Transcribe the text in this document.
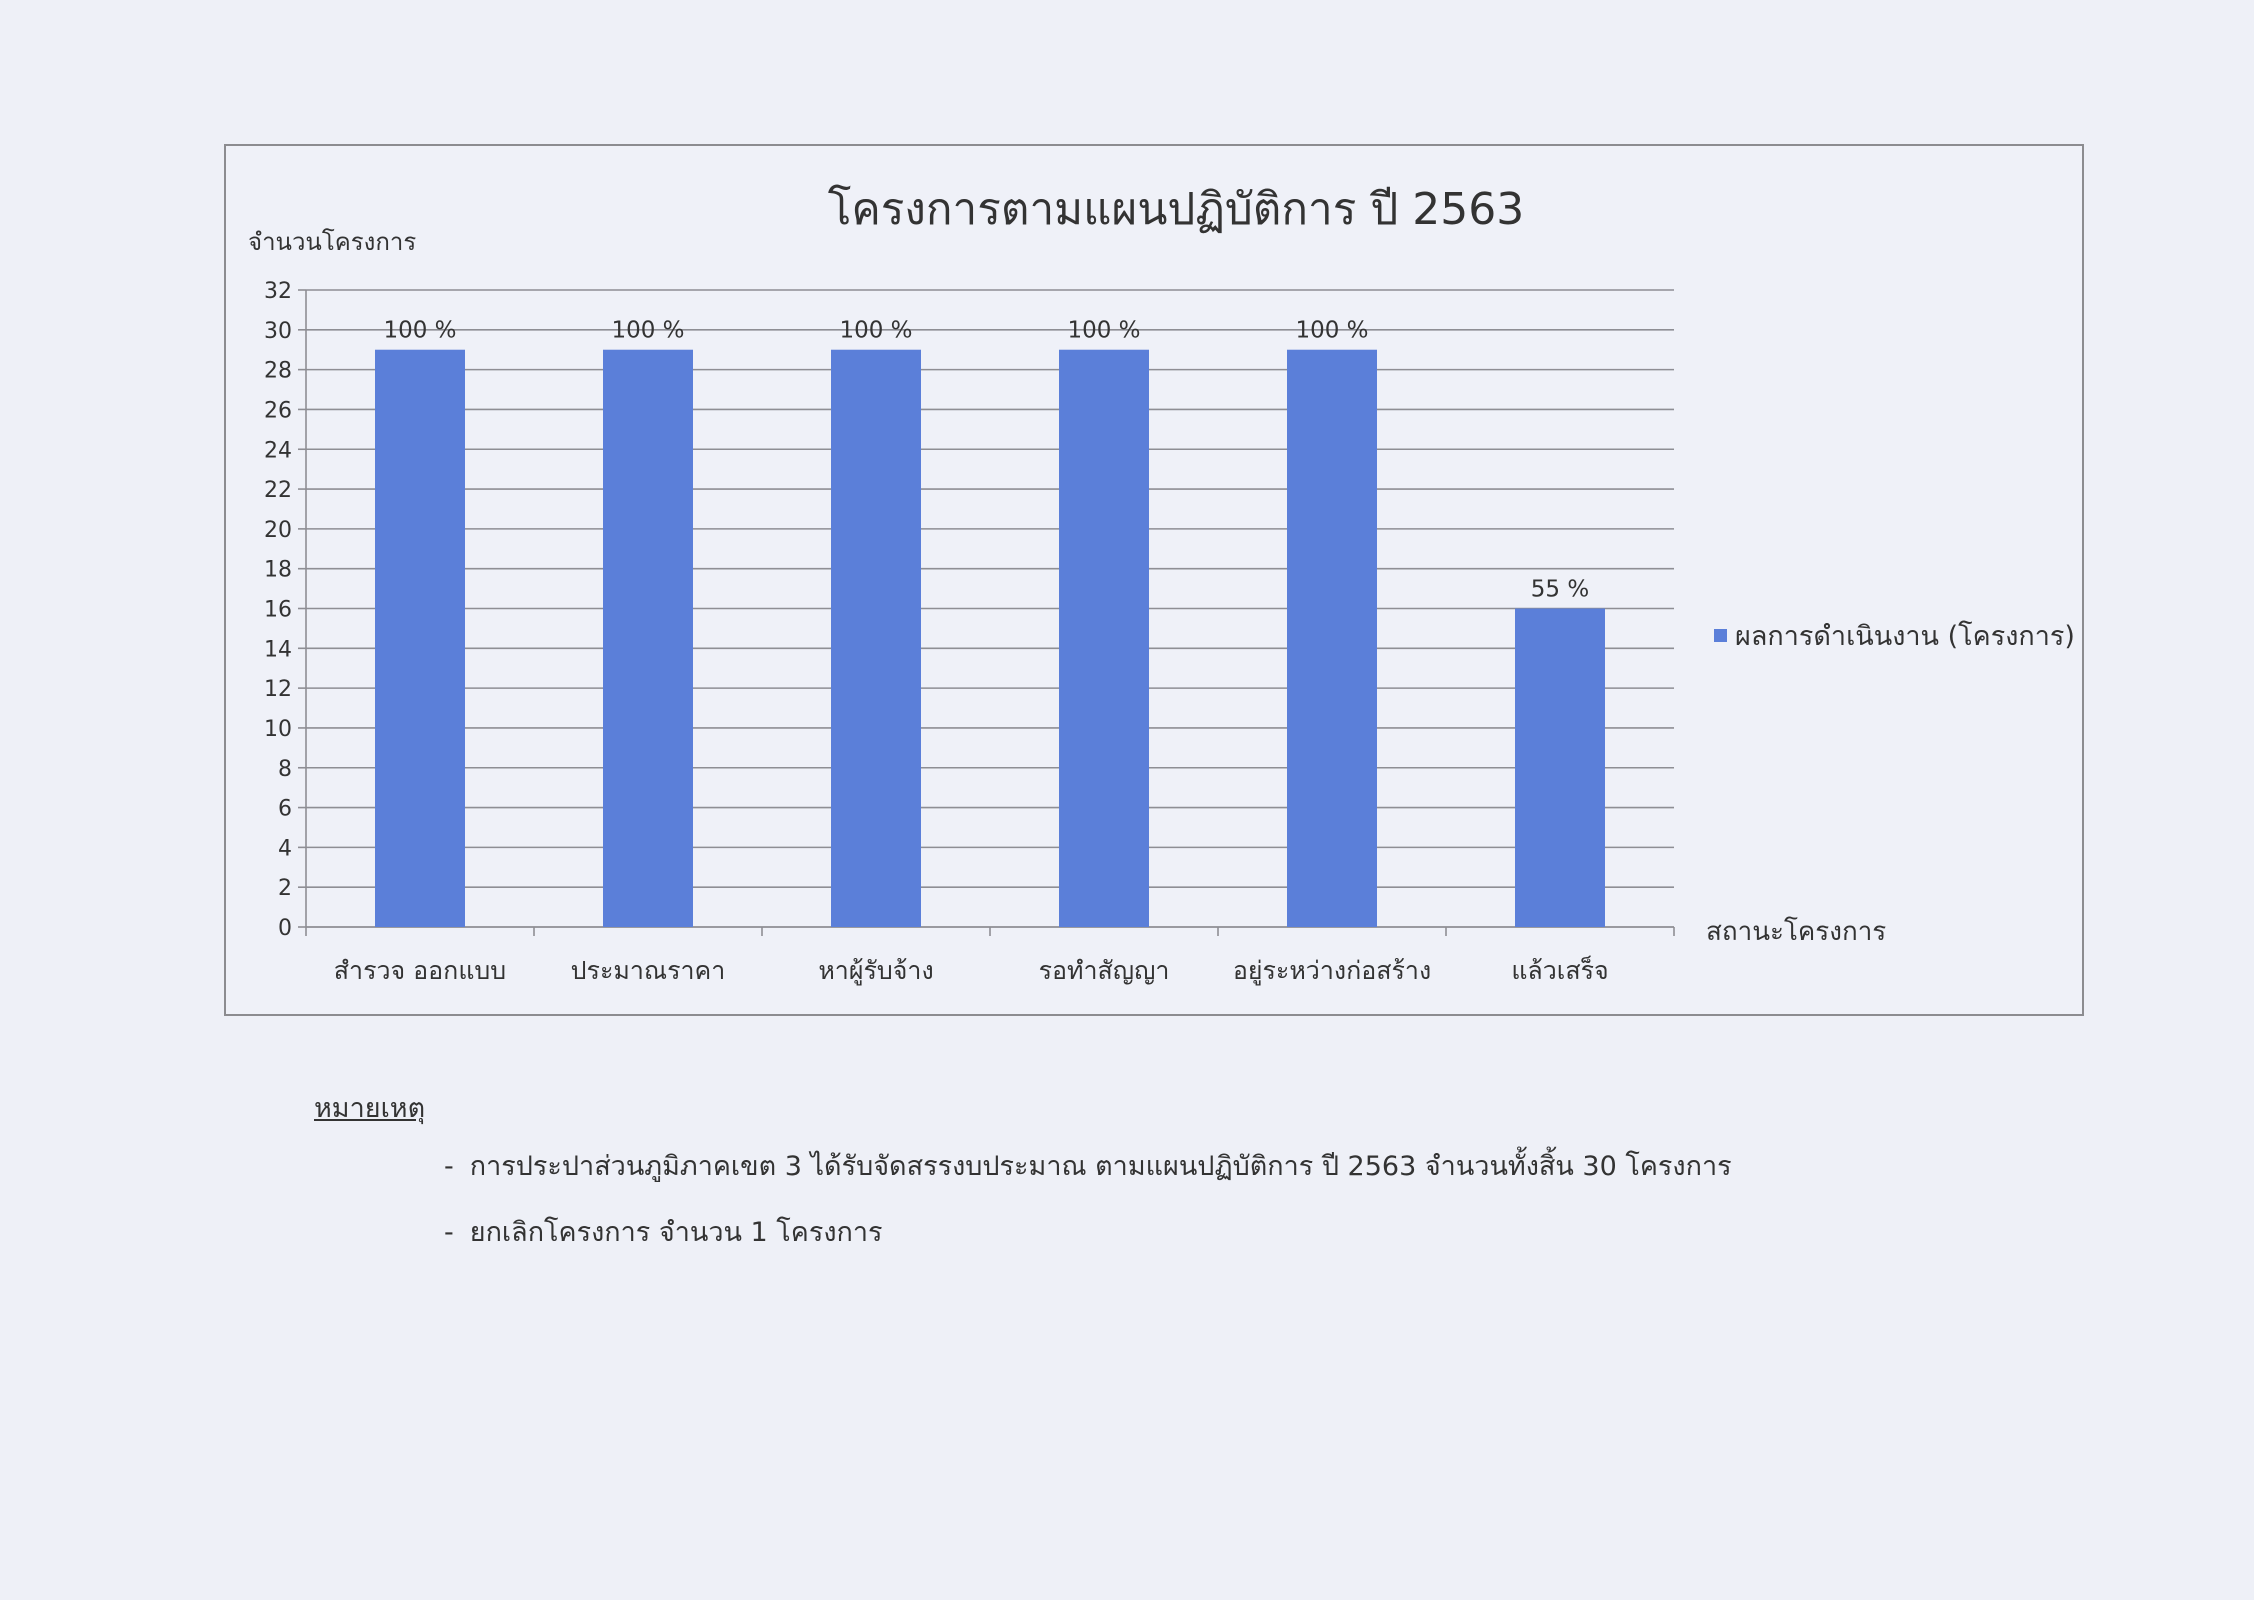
โครงการตามแผนปฏิบัติการ ปี 2563
จำนวนโครงการ
0
2
4
6
8
10
12
14
16
18
20
22
24
26
28
30
32
100 %
สำรวจ ออกแบบ
100 %
ประมาณราคา
100 %
หาผู้รับจ้าง
100 %
รอทำสัญญา
100 %
อยู่ระหว่างก่อสร้าง
55 %
แล้วเสร็จ
ผลการดำเนินงาน (โครงการ)
สถานะโครงการ
หมายเหตุ
- การประปาส่วนภูมิภาคเขต 3 ได้รับจัดสรรงบประมาณ ตามแผนปฏิบัติการ ปี 2563 จำนวนทั้งสิ้น 30 โครงการ
- ยกเลิกโครงการ จำนวน 1 โครงการ
